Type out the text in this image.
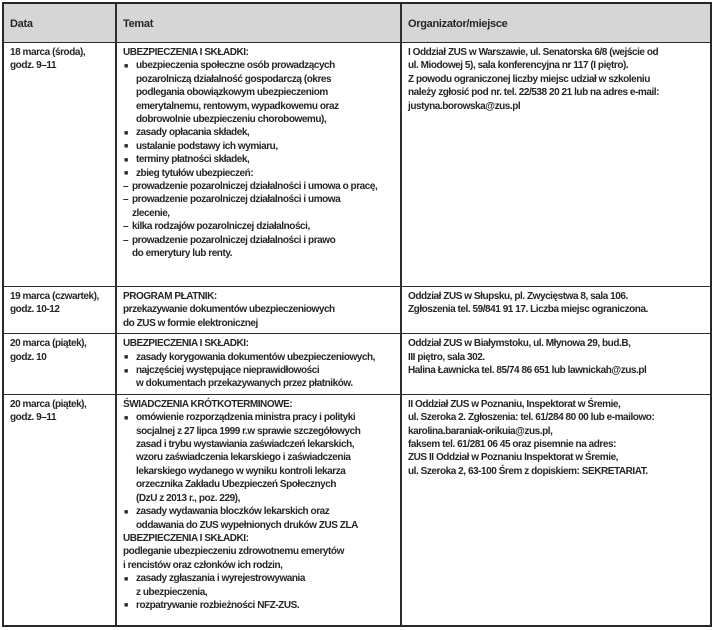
Data	Temat	Organizator/miejsce
18 marca (środa),
godz. 9–11
UBEZPIECZENIA I SKŁADKI:
■ ubezpieczenia społeczne osób prowadzących
pozarolniczą działalność gospodarczą (okres
podlegania obowiązkowym ubezpieczeniom
emerytalnemu, rentowym, wypadkowemu oraz
dobrowolnie ubezpieczeniu chorobowemu),
■ zasady opłacania składek,
■ ustalanie podstawy ich wymiaru,
■ terminy płatności składek,
■ zbieg tytułów ubezpieczeń:
– prowadzenie pozarolniczej działalności i umowa o pracę,
– prowadzenie pozarolniczej działalności i umowa
zlecenie,
– kilka rodzajów pozarolniczej działalności,
– prowadzenie pozarolniczej działalności i prawo
do emerytury lub renty.
I Oddział ZUS w Warszawie, ul. Senatorska 6/8 (wejście od
ul. Miodowej 5), sala konferencyjna nr 117 (I piętro).
Z powodu ograniczonej liczby miejsc udział w szkoleniu
należy zgłosić pod nr. tel. 22/538 20 21 lub na adres e-mail:
justyna.borowska@zus.pl
19 marca (czwartek),
godz. 10-12
PROGRAM PŁATNIK:
przekazywanie dokumentów ubezpieczeniowych
do ZUS w formie elektronicznej
Oddział ZUS w Słupsku, pl. Zwycięstwa 8, sala 106.
Zgłoszenia tel. 59/841 91 17. Liczba miejsc ograniczona.
20 marca (piątek),
godz. 10
UBEZPIECZENIA I SKŁADKI:
■ zasady korygowania dokumentów ubezpieczeniowych,
■ najczęściej występujące nieprawidłowości
w dokumentach przekazywanych przez płatników.
Oddział ZUS w Białymstoku, ul. Młynowa 29, bud.B,
III piętro, sala 302.
Halina Ławnicka tel. 85/74 86 651 lub lawnickah@zus.pl
20 marca (piątek),
godz. 9–11
ŚWIADCZENIA KRÓTKOTERMINOWE:
■ omówienie rozporządzenia ministra pracy i polityki
socjalnej z 27 lipca 1999 r.w sprawie szczegółowych
zasad i trybu wystawiania zaświadczeń lekarskich,
wzoru zaświadczenia lekarskiego i zaświadczenia
lekarskiego wydanego w wyniku kontroli lekarza
orzecznika Zakładu Ubezpieczeń Społecznych
(DzU z 2013 r., poz. 229),
■ zasady wydawania bloczków lekarskich oraz
oddawania do ZUS wypełnionych druków ZUS ZLA
UBEZPIECZENIA I SKŁADKI:
podleganie ubezpieczeniu zdrowotnemu emerytów
i rencistów oraz członków ich rodzin,
■ zasady zgłaszania i wyrejestrowywania
z ubezpieczenia,
■ rozpatrywanie rozbieżności NFZ-ZUS.
II Oddział ZUS w Poznaniu, Inspektorat w Śremie,
ul. Szeroka 2. Zgłoszenia: tel. 61/284 80 00 lub e-mailowo:
karolina.baraniak-orikuia@zus.pl,
faksem tel. 61/281 06 45 oraz pisemnie na adres:
ZUS II Oddział w Poznaniu Inspektorat w Śremie,
ul. Szeroka 2, 63-100 Śrem z dopiskiem: SEKRETARIAT.
